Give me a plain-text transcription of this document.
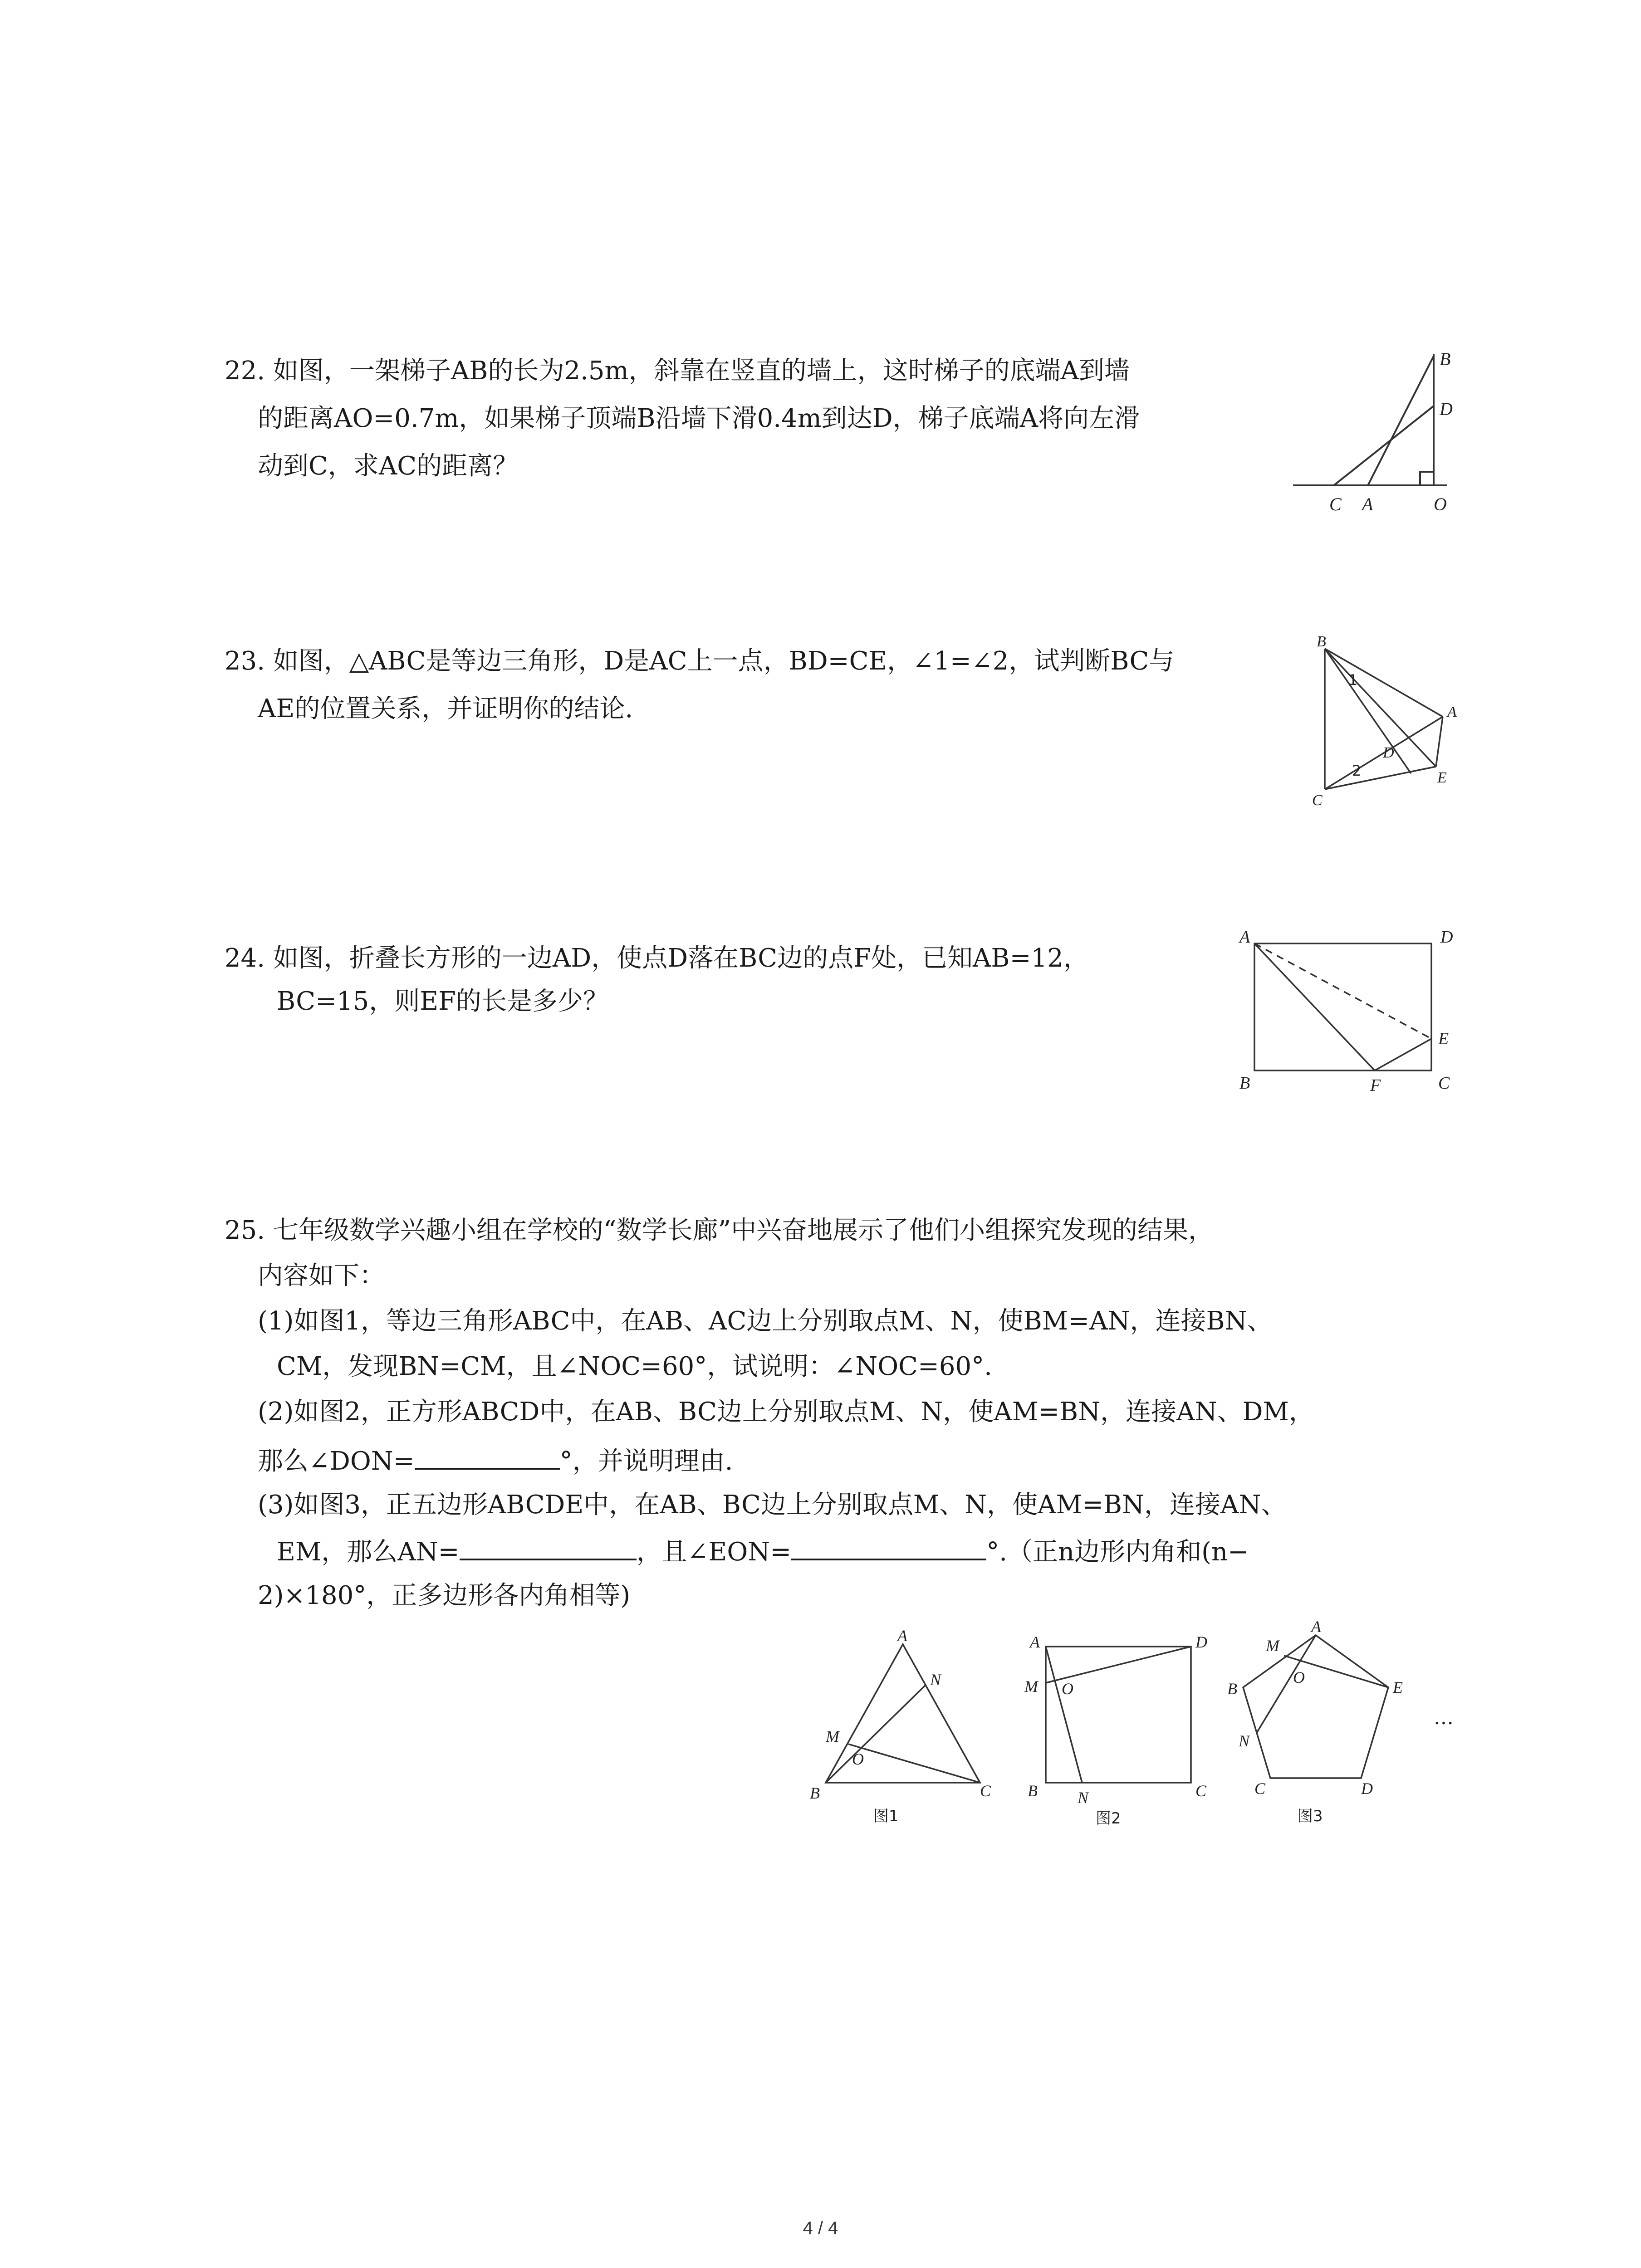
22. 如图，一架梯子AB的长为2.5m，斜靠在竖直的墙上，这时梯子的底端A到墙
的距离AO=0.7m，如果梯子顶端B沿墙下滑0.4m到达D，梯子底端A将向左滑
动到C，求AC的距离？
B
D
C A	O
23. 如图，△ABC是等边三角形，D是AC上一点，BD=CE，∠1=∠2，试判断BC与
AE的位置关系，并证明你的结论.
B
A
D
C
E
1
2
24. 如图，折叠长方形的一边AD，使点D落在BC边的点F处，已知AB=12，
BC=15，则EF的长是多少？
A	D
E
B	F	C
25. 七年级数学兴趣小组在学校的“数学长廊”中兴奋地展示了他们小组探究发现的结果，
内容如下：
(1)如图1，等边三角形ABC中，在AB、AC边上分别取点M、N，使BM=AN，连接BN、
CM，发现BN=CM，且∠NOC=60°，试说明：∠NOC=60°.
(2)如图2，正方形ABCD中，在AB、BC边上分别取点M、N，使AM=BN，连接AN、DM，
那么∠DON=	°，并说明理由.
(3)如图3，正五边形ABCDE中，在AB、BC边上分别取点M、N，使AM=BN，连接AN、
EM，那么AN=	，且∠EON=	°.（正n边形内角和(n−
2)×180°，正多边形各内角相等)
A
N
M
O
B	C
图1
A	D
M O
B N	C
图2
A
M
O
B	E
N
C	D
图3
…
4 / 4
